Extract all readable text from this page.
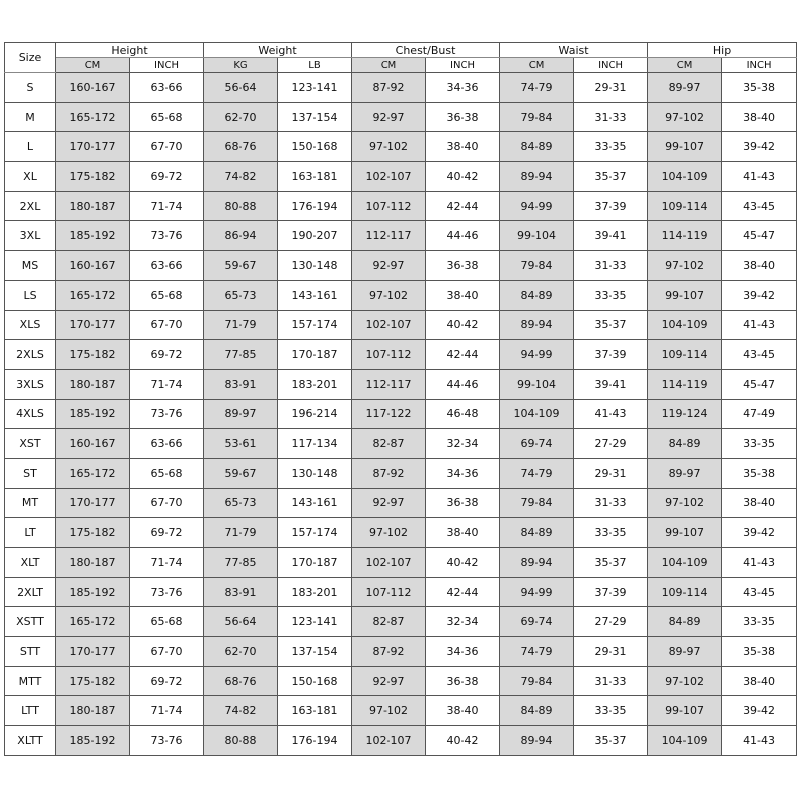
Size	Height		Weight		Chest/Bust		Waist		Hip	
	CM	INCH	KG	LB	CM	INCH	CM	INCH	CM	INCH
S	160-167	63-66	56-64	123-141	87-92	34-36	74-79	29-31	89-97	35-38
M	165-172	65-68	62-70	137-154	92-97	36-38	79-84	31-33	97-102	38-40
L	170-177	67-70	68-76	150-168	97-102	38-40	84-89	33-35	99-107	39-42
XL	175-182	69-72	74-82	163-181	102-107	40-42	89-94	35-37	104-109	41-43
2XL	180-187	71-74	80-88	176-194	107-112	42-44	94-99	37-39	109-114	43-45
3XL	185-192	73-76	86-94	190-207	112-117	44-46	99-104	39-41	114-119	45-47
MS	160-167	63-66	59-67	130-148	92-97	36-38	79-84	31-33	97-102	38-40
LS	165-172	65-68	65-73	143-161	97-102	38-40	84-89	33-35	99-107	39-42
XLS	170-177	67-70	71-79	157-174	102-107	40-42	89-94	35-37	104-109	41-43
2XLS	175-182	69-72	77-85	170-187	107-112	42-44	94-99	37-39	109-114	43-45
3XLS	180-187	71-74	83-91	183-201	112-117	44-46	99-104	39-41	114-119	45-47
4XLS	185-192	73-76	89-97	196-214	117-122	46-48	104-109	41-43	119-124	47-49
XST	160-167	63-66	53-61	117-134	82-87	32-34	69-74	27-29	84-89	33-35
ST	165-172	65-68	59-67	130-148	87-92	34-36	74-79	29-31	89-97	35-38
MT	170-177	67-70	65-73	143-161	92-97	36-38	79-84	31-33	97-102	38-40
LT	175-182	69-72	71-79	157-174	97-102	38-40	84-89	33-35	99-107	39-42
XLT	180-187	71-74	77-85	170-187	102-107	40-42	89-94	35-37	104-109	41-43
2XLT	185-192	73-76	83-91	183-201	107-112	42-44	94-99	37-39	109-114	43-45
XSTT	165-172	65-68	56-64	123-141	82-87	32-34	69-74	27-29	84-89	33-35
STT	170-177	67-70	62-70	137-154	87-92	34-36	74-79	29-31	89-97	35-38
MTT	175-182	69-72	68-76	150-168	92-97	36-38	79-84	31-33	97-102	38-40
LTT	180-187	71-74	74-82	163-181	97-102	38-40	84-89	33-35	99-107	39-42
XLTT	185-192	73-76	80-88	176-194	102-107	40-42	89-94	35-37	104-109	41-43
